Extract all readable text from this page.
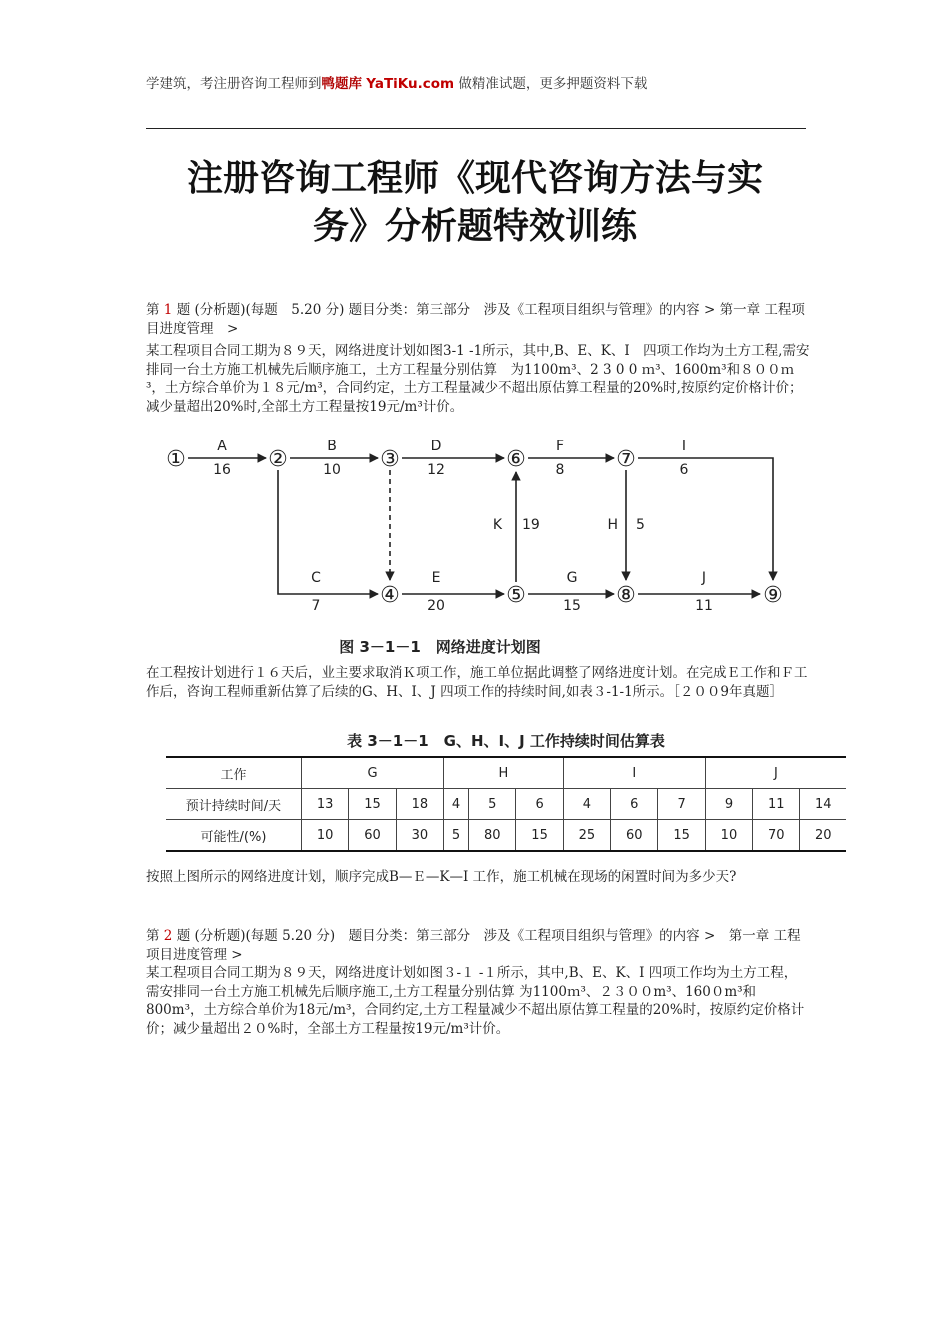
学建筑，考注册咨询工程师到鸭题库 YaTiKu.com 做精准试题，更多押题资料下载
注册咨询工程师《现代咨询方法与实
务》分析题特效训练
第 1 题 (分析题)(每题　5.20 分) 题目分类：第三部分　涉及《工程项目组织与管理》的内容 > 第一章 工程项目进度管理　>
某工程项目合同工期为８９天，网络进度计划如图3-1 -1所示，其中,B、E、K、I　四项工作均为土方工程,需安排同一台土方施工机械先后顺序施工，土方工程量分别估算　为1100m³、2 3 0 0 ｍ³、1600m³和８００ｍ³，土方综合单价为１８元/m³，合同约定，土方工程量减少不超出原估算工程量的20%时,按原约定价格计价；减少量超出20%时,全部土方工程量按19元/m³计价。
①	②	③
④	⑤
⑥	⑦
⑧	⑨
A
16
B
10
D
12
F
8
I
6
C
7
E
20
G
15
J
11
K 19	H 5
图 3－1－1　网络进度计划图
在工程按计划进行１６天后，业主要求取消Ｋ项工作，施工单位据此调整了网络进度计划。在完成Ｅ工作和Ｆ工作后，咨询工程师重新估算了后续的G、H、I、J 四项工作的持续时间,如表３-1-1所示。［２００9年真题］
表 3－1－1　G、H、I、J 工作持续时间估算表
工作	G			H			I			J		
预计持续时间/天	13	15	18	4	5	6	4	6	7	9	11	14
可能性/(%)	10	60	30	5	80	15	25	60	15	10	70	20
按照上图所示的网络进度计划，顺序完成B—Ｅ—K—I 工作，施工机械在现场的闲置时间为多少天?
第 2 题 (分析题)(每题 5.20 分)　题目分类：第三部分　涉及《工程项目组织与管理》的内容 >　第一章 工程项目进度管理 >
某工程项目合同工期为８９天，网络进度计划如图３-１ -１所示，其中,B、E、K、I 四项工作均为土方工程，需安排同一台土方施工机械先后顺序施工,土方工程量分别估算 为1100ｍ³、２３００m³、160０m³和800m³，土方综合单价为18元/m³，合同约定,土方工程量减少不超出原估算工程量的20%时，按原约定价格计价；减少量超出２０%时，全部土方工程量按19元/m³计价。
